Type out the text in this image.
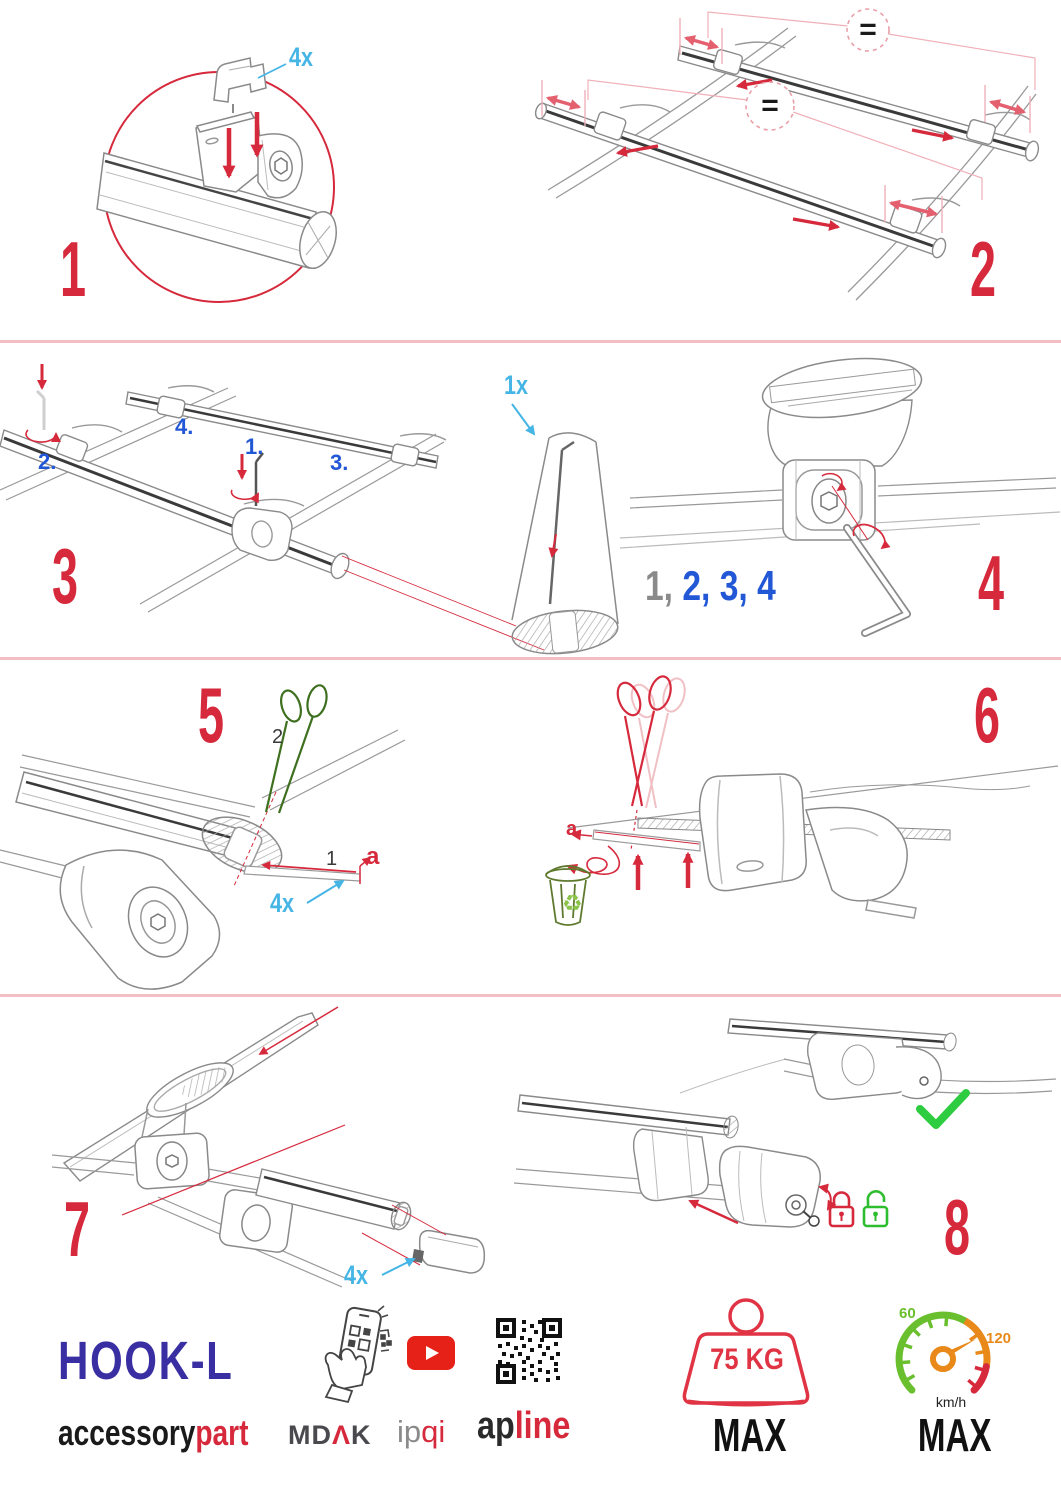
4x
1
=
=
2
4.
2.
1.
3.
1x
3	1, 2, 3, 4	4
2
1 a
4x
5
a
♻
6
4x
7	8
HOOK-L
accessorypart MDΛK ipqi apline
75 KG
MAX
60
120
km/h
MAX
